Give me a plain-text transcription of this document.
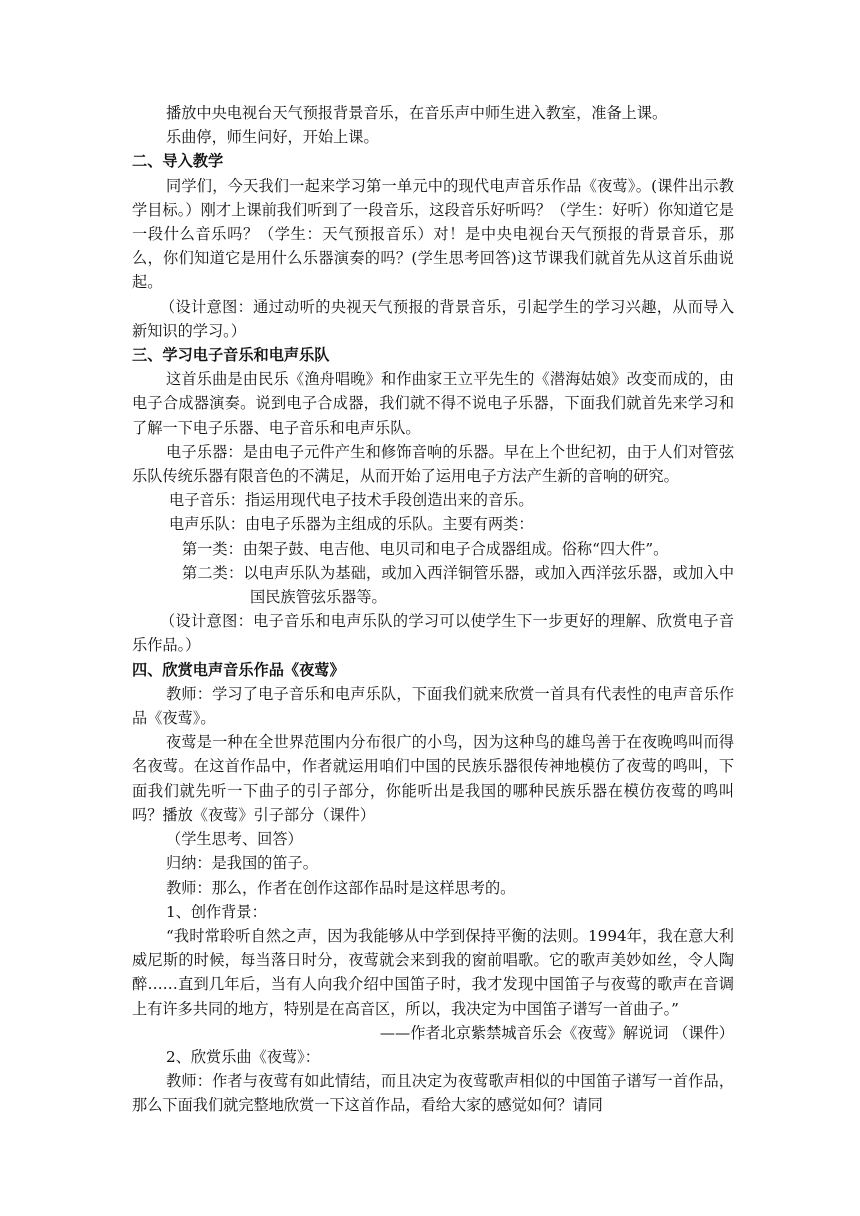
播放中央电视台天气预报背景音乐，在音乐声中师生进入教室，准备上课。

乐曲停，师生问好，开始上课。

二、导入教学

同学们，今天我们一起来学习第一单元中的现代电声音乐作品《夜莺》。(课件出示教学目标。）刚才上课前我们听到了一段音乐，这段音乐好听吗？（学生：好听）你知道它是一段什么音乐吗？（学生：天气预报音乐）对！是中央电视台天气预报的背景音乐，那么，你们知道它是用什么乐器演奏的吗？(学生思考回答)这节课我们就首先从这首乐曲说起。

（设计意图：通过动听的央视天气预报的背景音乐，引起学生的学习兴趣，从而导入新知识的学习。）

三、学习电子音乐和电声乐队

这首乐曲是由民乐《渔舟唱晚》和作曲家王立平先生的《潜海姑娘》改变而成的，由电子合成器演奏。说到电子合成器，我们就不得不说电子乐器，下面我们就首先来学习和了解一下电子乐器、电子音乐和电声乐队。

电子乐器：是由电子元件产生和修饰音响的乐器。早在上个世纪初，由于人们对管弦乐队传统乐器有限音色的不满足，从而开始了运用电子方法产生新的音响的研究。

电子音乐：指运用现代电子技术手段创造出来的音乐。

电声乐队：由电子乐器为主组成的乐队。主要有两类：

第一类：由架子鼓、电吉他、电贝司和电子合成器组成。俗称“四大件”。

第二类：以电声乐队为基础，或加入西洋铜管乐器，或加入西洋弦乐器，或加入中国民族管弦乐器等。

（设计意图：电子音乐和电声乐队的学习可以使学生下一步更好的理解、欣赏电子音乐作品。）

四、欣赏电声音乐作品《夜莺》

教师：学习了电子音乐和电声乐队，下面我们就来欣赏一首具有代表性的电声音乐作品《夜莺》。

夜莺是一种在全世界范围内分布很广的小鸟，因为这种鸟的雄鸟善于在夜晚鸣叫而得名夜莺。在这首作品中，作者就运用咱们中国的民族乐器很传神地模仿了夜莺的鸣叫，下面我们就先听一下曲子的引子部分，你能听出是我国的哪种民族乐器在模仿夜莺的鸣叫吗？播放《夜莺》引子部分（课件）

（学生思考、回答）

归纳：是我国的笛子。

教师：那么，作者在创作这部作品时是这样思考的。

1、创作背景：

“我时常聆听自然之声，因为我能够从中学到保持平衡的法则。1994年，我在意大利威尼斯的时候，每当落日时分，夜莺就会来到我的窗前唱歌。它的歌声美妙如丝，令人陶醉……直到几年后，当有人向我介绍中国笛子时，我才发现中国笛子与夜莺的歌声在音调上有许多共同的地方，特别是在高音区，所以，我决定为中国笛子谱写一首曲子。”

——作者北京紫禁城音乐会《夜莺》解说词 （课件）

2、欣赏乐曲《夜莺》：

教师：作者与夜莺有如此情结，而且决定为夜莺歌声相似的中国笛子谱写一首作品，那么下面我们就完整地欣赏一下这首作品，看给大家的感觉如何？请同
